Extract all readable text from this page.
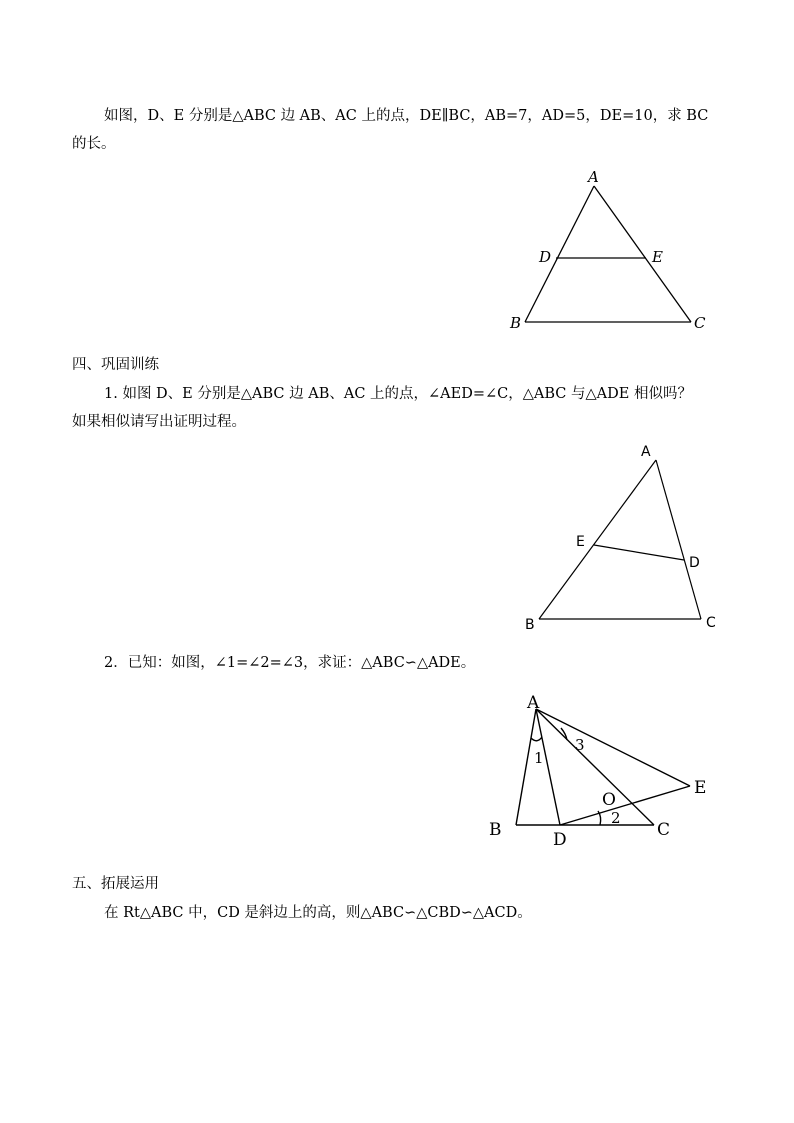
如图，D、E 分别是△ABC 边 AB、AC 上的点，DE∥BC，AB=7，AD=5，DE=10，求 BC
的长。
A
D	E
B	C
四、巩固训练
1. 如图 D、E 分别是△ABC 边 AB、AC 上的点，∠AED=∠C，△ABC 与△ADE 相似吗？
如果相似请写出证明过程。
A
E
D
B	C
2．已知：如图，∠1=∠2=∠3，求证：△ABC∽△ADE。
A
B	D	C
E
O
1
2
3
五、拓展运用
在 Rt△ABC 中，CD 是斜边上的高，则△ABC∽△CBD∽△ACD。
